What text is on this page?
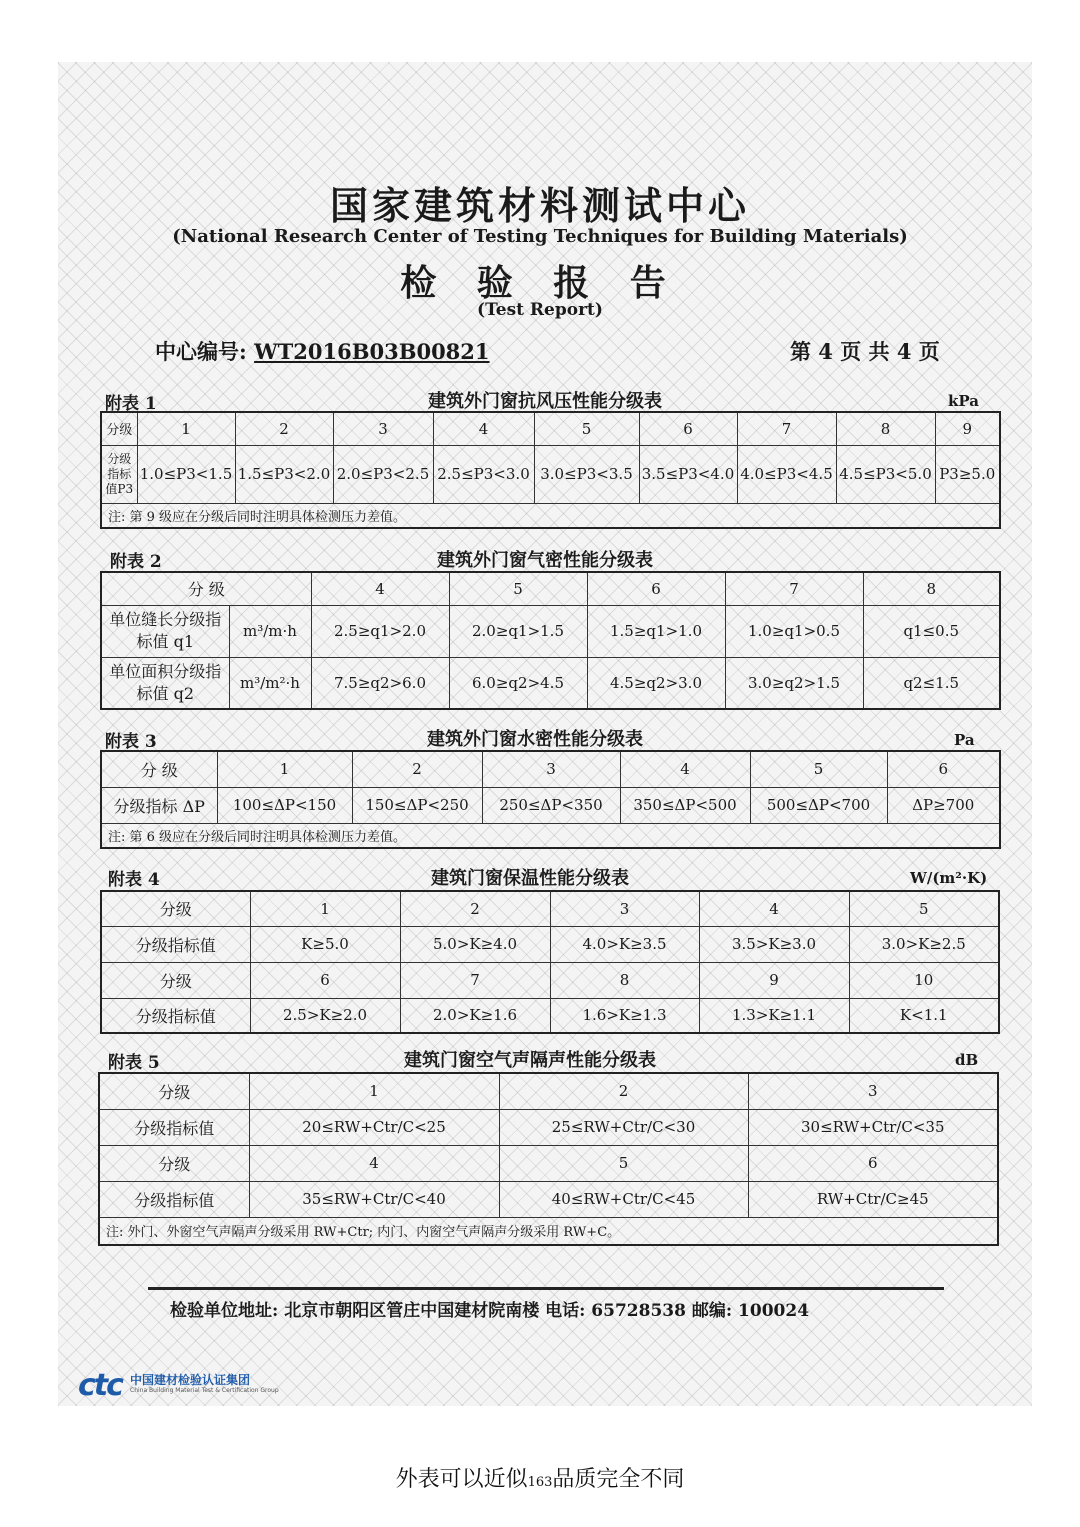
国家建筑材料测试中心
(National Research Center of Testing Techniques for Building Materials)
检 验 报 告
(Test Report)
中心编号: WT2016B03B00821	第 4 页 共 4 页
附表 1	建筑外门窗抗风压性能分级表	kPa
分级	1	2	3	4	5	6	7	8	9
分级指标值P3	1.0≤P3<1.5	1.5≤P3<2.0	2.0≤P3<2.5	2.5≤P3<3.0	3.0≤P3<3.5	3.5≤P3<4.0	4.0≤P3<4.5	4.5≤P3<5.0	P3≥5.0
注: 第 9 级应在分级后同时注明具体检测压力差值。									
附表 2	建筑外门窗气密性能分级表
分 级		4	5	6	7	8
单位缝长分级指标值 q1	m³/m·h	2.5≥q1>2.0	2.0≥q1>1.5	1.5≥q1>1.0	1.0≥q1>0.5	q1≤0.5
单位面积分级指标值 q2	m³/m²·h	7.5≥q2>6.0	6.0≥q2>4.5	4.5≥q2>3.0	3.0≥q2>1.5	q2≤1.5
附表 3	建筑外门窗水密性能分级表	Pa
分 级	1	2	3	4	5	6
分级指标 ΔP	100≤ΔP<150	150≤ΔP<250	250≤ΔP<350	350≤ΔP<500	500≤ΔP<700	ΔP≥700
注: 第 6 级应在分级后同时注明具体检测压力差值。						
附表 4	建筑门窗保温性能分级表	W/(m²·K)
分级	1	2	3	4	5
分级指标值	K≥5.0	5.0>K≥4.0	4.0>K≥3.5	3.5>K≥3.0	3.0>K≥2.5
分级	6	7	8	9	10
分级指标值	2.5>K≥2.0	2.0>K≥1.6	1.6>K≥1.3	1.3>K≥1.1	K<1.1
附表 5	建筑门窗空气声隔声性能分级表	dB
分级	1	2	3
分级指标值	20≤RW+Ctr/C<25	25≤RW+Ctr/C<30	30≤RW+Ctr/C<35
分级	4	5	6
分级指标值	35≤RW+Ctr/C<40	40≤RW+Ctr/C<45	RW+Ctr/C≥45
注: 外门、外窗空气声隔声分级采用 RW+Ctr; 内门、内窗空气声隔声分级采用 RW+C。			
检验单位地址: 北京市朝阳区管庄中国建材院南楼 电话: 65728538 邮编: 100024
ctc 中国建材检验认证集团
China Building Material Test & Certification Group
外表可以近似163品质完全不同
